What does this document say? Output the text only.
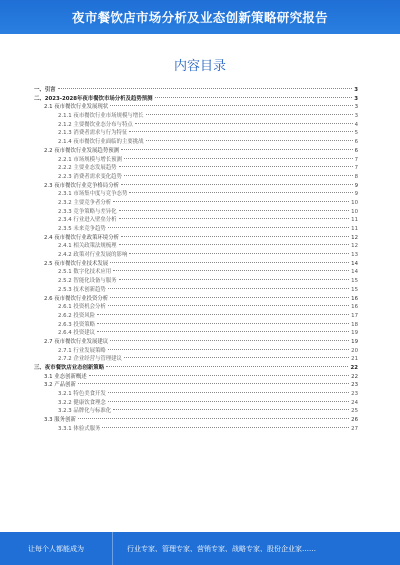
夜市餐饮店市场分析及业态创新策略研究报告
内容目录
一、引言	3
二、2023-2028年夜市餐饮市场分析及趋势预测	3
2.1 夜市餐饮行业发展现状	3
2.1.1 夜市餐饮行业市场规模与增长	3
2.1.2 主要餐饮业态分布与特点	4
2.1.3 消费者需求与行为特征	5
2.1.4 夜市餐饮行业面临的主要挑战	6
2.2 夜市餐饮行业发展趋势预测	6
2.2.1 市场规模与增长预测	7
2.2.2 主要业态发展趋势	7
2.2.3 消费者需求变化趋势	8
2.3 夜市餐饮行业竞争格局分析	9
2.3.1 市场集中度与竞争态势	9
2.3.2 主要竞争者分析	10
2.3.3 竞争策略与差异化	10
2.3.4 行业进入壁垒分析	11
2.3.5 未来竞争趋势	11
2.4 夜市餐饮行业政策环境分析	12
2.4.1 相关政策法规梳理	12
2.4.2 政策对行业发展的影响	13
2.5 夜市餐饮行业技术发展	14
2.5.1 数字化技术应用	14
2.5.2 智能化设备与服务	15
2.5.3 技术创新趋势	15
2.6 夜市餐饮行业投资分析	16
2.6.1 投资机会分析	16
2.6.2 投资风险	17
2.6.3 投资策略	18
2.6.4 投资建议	19
2.7 夜市餐饮行业发展建议	19
2.7.1 行业发展策略	20
2.7.2 企业经营与管理建议	21
三、夜市餐饮店业态创新策略	22
3.1 业态创新概述	22
3.2 产品创新	23
3.2.1 特色美食开发	23
3.2.2 健康饮食理念	24
3.2.3 品牌化与标准化	25
3.3 服务创新	26
3.3.1 体验式服务	27
让每个人都能成为	行业专家、管理专家、营销专家、战略专家、股份企业家……
